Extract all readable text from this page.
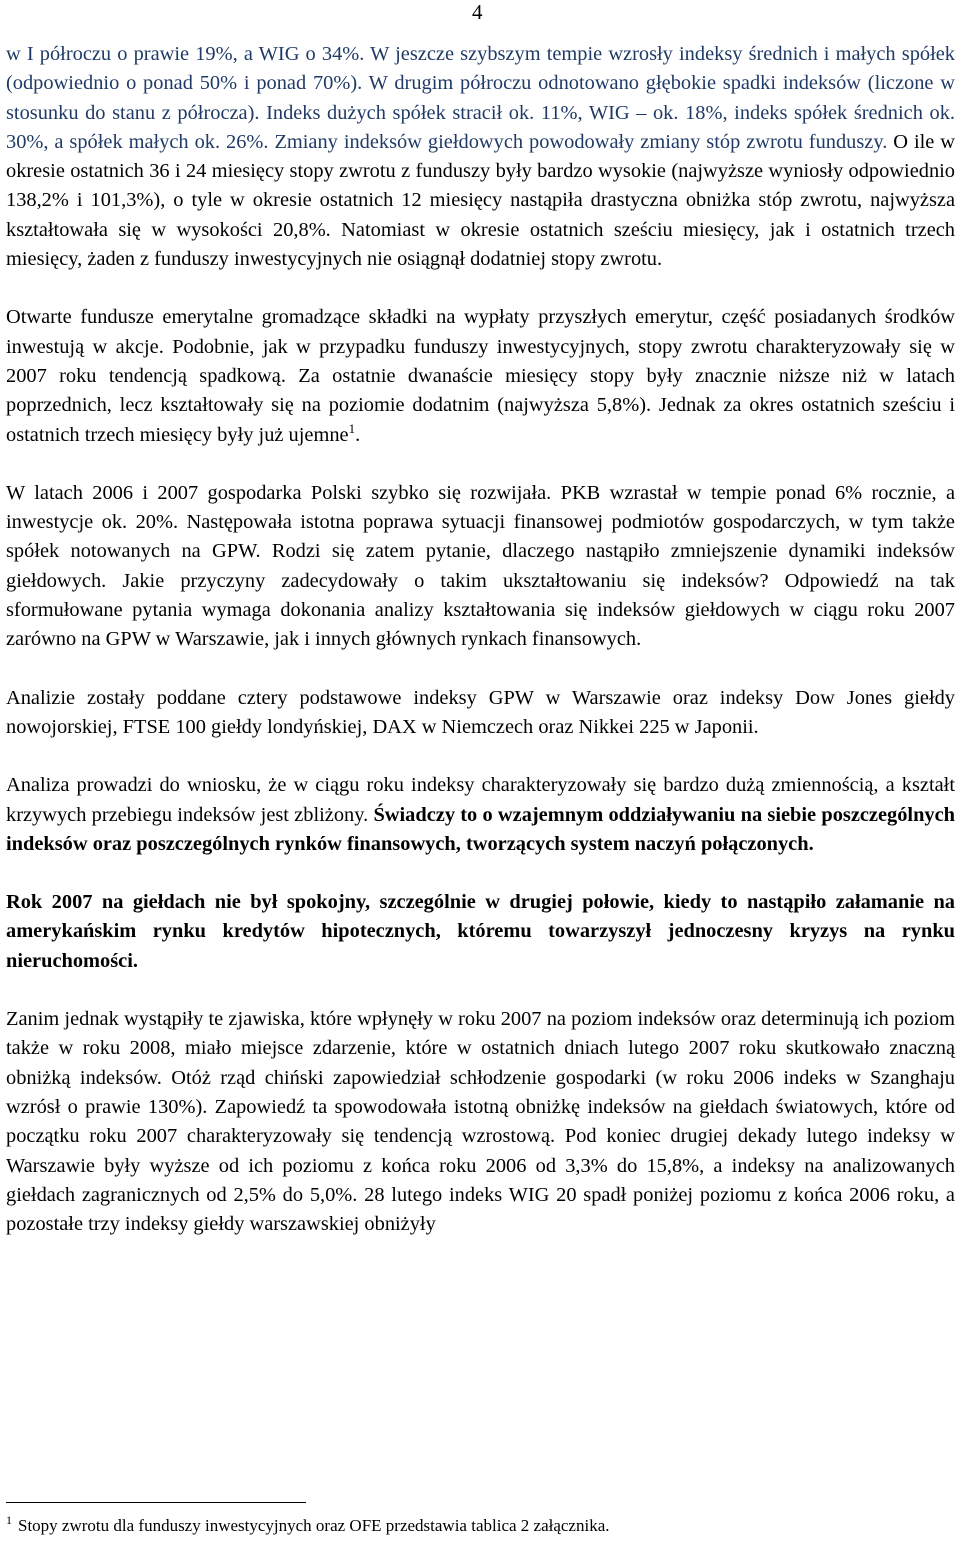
4

w I półroczu o prawie 19%, a WIG o 34%. W jeszcze szybszym tempie wzrosły indeksy średnich i małych spółek (odpowiednio o ponad 50% i ponad 70%). W drugim półroczu odnotowano głębokie spadki indeksów (liczone w stosunku do stanu z półrocza). Indeks dużych spółek stracił ok. 11%, WIG – ok. 18%, indeks spółek średnich ok. 30%, a spółek małych ok. 26%. Zmiany indeksów giełdowych powodowały zmiany stóp zwrotu funduszy. O ile w okresie ostatnich 36 i 24 miesięcy stopy zwrotu z funduszy były bardzo wysokie (najwyższe wyniosły odpowiednio 138,2% i 101,3%), o tyle w okresie ostatnich 12 miesięcy nastąpiła drastyczna obniżka stóp zwrotu, najwyższa kształtowała się w wysokości 20,8%. Natomiast w okresie ostatnich sześciu miesięcy, jak i ostatnich trzech miesięcy, żaden z funduszy inwestycyjnych nie osiągnął dodatniej stopy zwrotu.

Otwarte fundusze emerytalne gromadzące składki na wypłaty przyszłych emerytur, część posiadanych środków inwestują w akcje. Podobnie, jak w przypadku funduszy inwestycyjnych, stopy zwrotu charakteryzowały się w 2007 roku tendencją spadkową. Za ostatnie dwanaście miesięcy stopy były znacznie niższe niż w latach poprzednich, lecz kształtowały się na poziomie dodatnim (najwyższa 5,8%). Jednak za okres ostatnich sześciu i ostatnich trzech miesięcy były już ujemne$^1$.

W latach 2006 i 2007 gospodarka Polski szybko się rozwijała. PKB wzrastał w tempie ponad 6% rocznie, a inwestycje ok. 20%. Następowała istotna poprawa sytuacji finansowej podmiotów gospodarczych, w tym także spółek notowanych na GPW. Rodzi się zatem pytanie, dlaczego nastąpiło zmniejszenie dynamiki indeksów giełdowych. Jakie przyczyny zadecydowały o takim ukształtowaniu się indeksów? Odpowiedź na tak sformułowane pytania wymaga dokonania analizy kształtowania się indeksów giełdowych w ciągu roku 2007 zarówno na GPW w Warszawie, jak i innych głównych rynkach finansowych.

Analizie zostały poddane cztery podstawowe indeksy GPW w Warszawie oraz indeksy Dow Jones giełdy nowojorskiej, FTSE 100 giełdy londyńskiej, DAX w Niemczech oraz Nikkei 225 w Japonii.

Analiza prowadzi do wniosku, że w ciągu roku indeksy charakteryzowały się bardzo dużą zmiennością, a kształt krzywych przebiegu indeksów jest zbliżony. Świadczy to o wzajemnym oddziaływaniu na siebie poszczególnych indeksów oraz poszczególnych rynków finansowych, tworzących system naczyń połączonych.

Rok 2007 na giełdach nie był spokojny, szczególnie w drugiej połowie, kiedy to nastąpiło załamanie na amerykańskim rynku kredytów hipotecznych, któremu towarzyszył jednoczesny kryzys na rynku nieruchomości.

Zanim jednak wystąpiły te zjawiska, które wpłynęły w roku 2007 na poziom indeksów oraz determinują ich poziom także w roku 2008, miało miejsce zdarzenie, które w ostatnich dniach lutego 2007 roku skutkowało znaczną obniżką indeksów. Otóż rząd chiński zapowiedział schłodzenie gospodarki (w roku 2006 indeks w Szanghaju wzrósł o prawie 130%). Zapowiedź ta spowodowała istotną obniżkę indeksów na giełdach światowych, które od początku roku 2007 charakteryzowały się tendencją wzrostową. Pod koniec drugiej dekady lutego indeksy w Warszawie były wyższe od ich poziomu z końca roku 2006 od 3,3% do 15,8%, a indeksy na analizowanych giełdach zagranicznych od 2,5% do 5,0%. 28 lutego indeks WIG 20 spadł poniżej poziomu z końca 2006 roku, a pozostałe trzy indeksy giełdy warszawskiej obniżyły

$^1$ Stopy zwrotu dla funduszy inwestycyjnych oraz OFE przedstawia tablica 2 załącznika.
